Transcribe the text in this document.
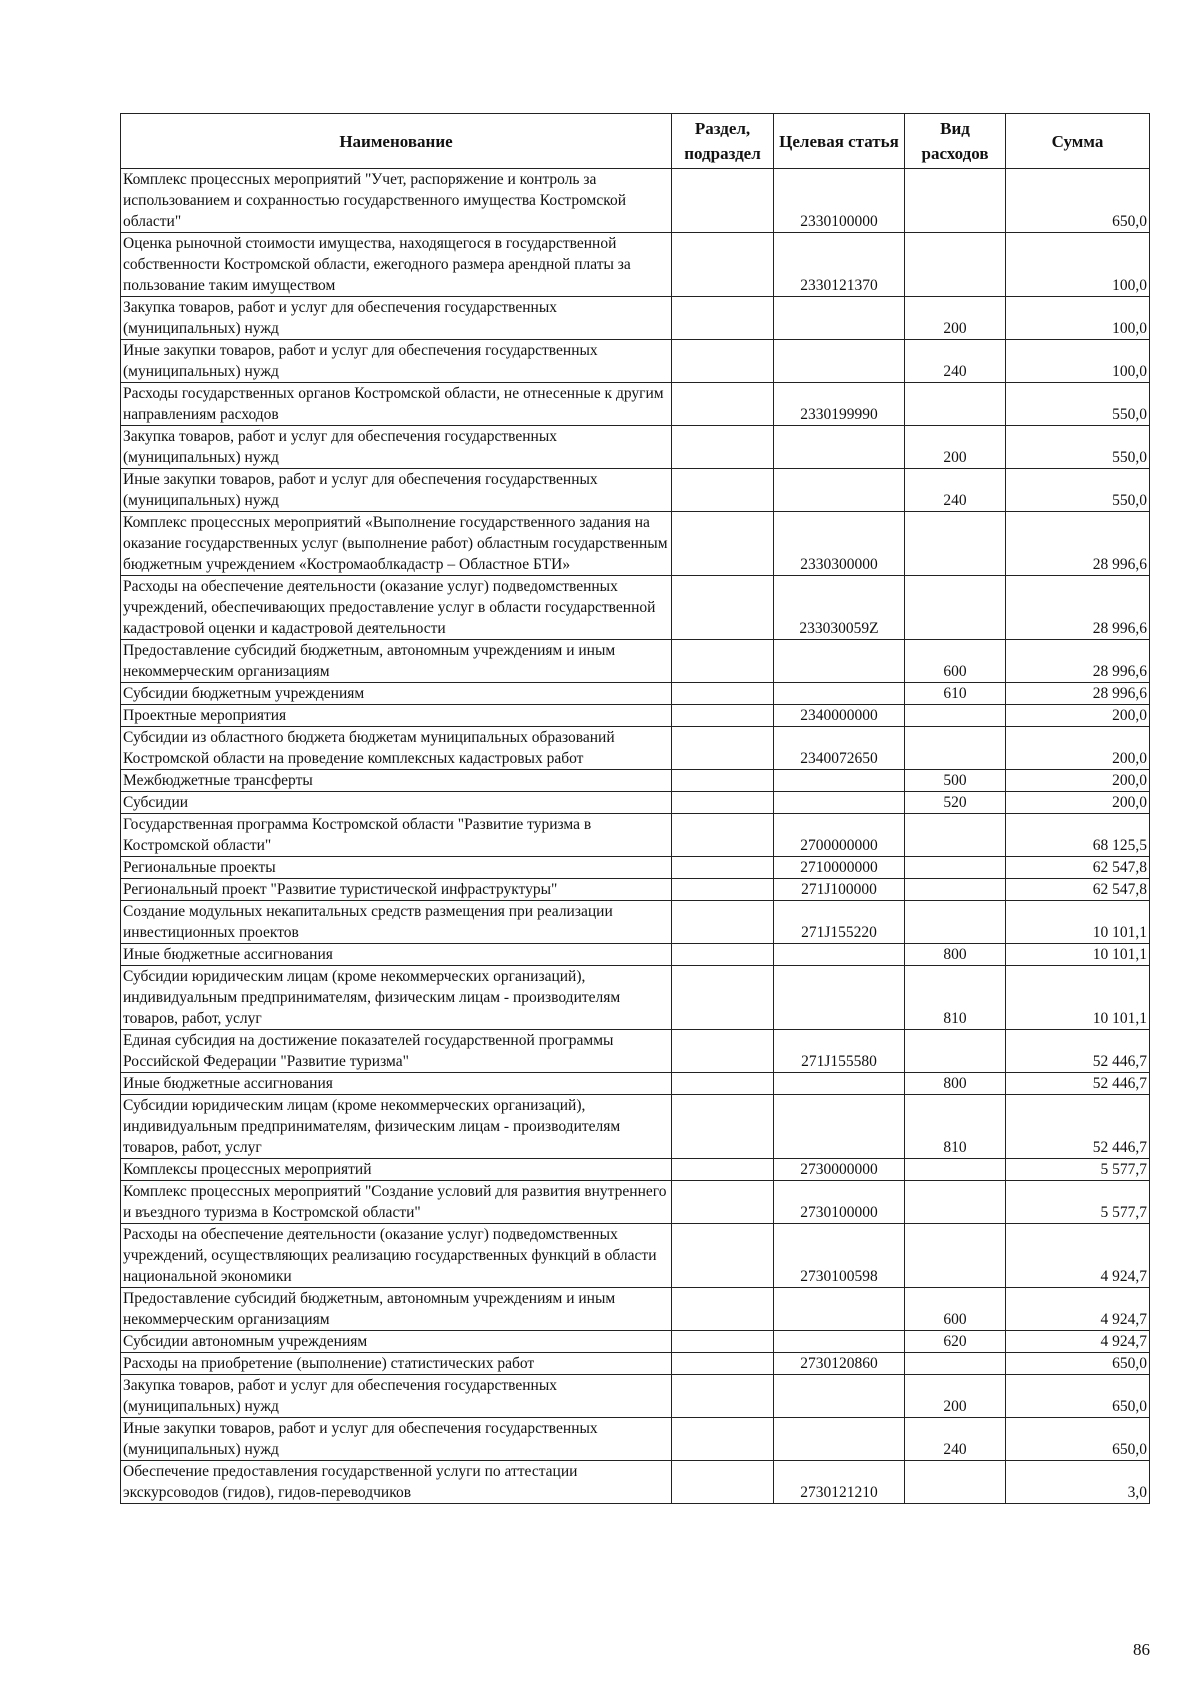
Наименование	Раздел, подраздел	Целевая статья	Вид расходов	Сумма
Комплекс процессных мероприятий "Учет, распоряжение и контроль за использованием и сохранностью государственного имущества Костромской области"		2330100000		650,0
Оценка рыночной стоимости имущества, находящегося в государственной собственности Костромской области, ежегодного размера арендной платы за пользование таким имуществом		2330121370		100,0
Закупка товаров, работ и услуг для обеспечения государственных (муниципальных) нужд			200	100,0
Иные закупки товаров, работ и услуг для обеспечения государственных (муниципальных) нужд			240	100,0
Расходы государственных органов Костромской области, не отнесенные к другим направлениям расходов		2330199990		550,0
Закупка товаров, работ и услуг для обеспечения государственных (муниципальных) нужд			200	550,0
Иные закупки товаров, работ и услуг для обеспечения государственных (муниципальных) нужд			240	550,0
Комплекс процессных мероприятий «Выполнение государственного задания на оказание государственных услуг (выполнение работ) областным государственным бюджетным учреждением «Костромаоблкадастр – Областное БТИ»		2330300000		28 996,6
Расходы на обеспечение деятельности (оказание услуг) подведомственных учреждений, обеспечивающих предоставление услуг в области государственной кадастровой оценки и кадастровой деятельности		233030059Z		28 996,6
Предоставление субсидий бюджетным, автономным учреждениям и иным некоммерческим организациям			600	28 996,6
Субсидии бюджетным учреждениям			610	28 996,6
Проектные мероприятия		2340000000		200,0
Субсидии из областного бюджета бюджетам муниципальных образований Костромской области на проведение комплексных кадастровых работ		2340072650		200,0
Межбюджетные трансферты			500	200,0
Субсидии			520	200,0
Государственная программа Костромской области "Развитие туризма в Костромской области"		2700000000		68 125,5
Региональные проекты		2710000000		62 547,8
Региональный проект "Развитие туристической инфраструктуры"		271J100000		62 547,8
Создание модульных некапитальных средств размещения при реализации инвестиционных проектов		271J155220		10 101,1
Иные бюджетные ассигнования			800	10 101,1
Субсидии юридическим лицам (кроме некоммерческих организаций), индивидуальным предпринимателям, физическим лицам - производителям товаров, работ, услуг			810	10 101,1
Единая субсидия на достижение показателей государственной программы Российской Федерации "Развитие туризма"		271J155580		52 446,7
Иные бюджетные ассигнования			800	52 446,7
Субсидии юридическим лицам (кроме некоммерческих организаций), индивидуальным предпринимателям, физическим лицам - производителям товаров, работ, услуг			810	52 446,7
Комплексы процессных мероприятий		2730000000		5 577,7
Комплекс процессных мероприятий "Создание условий для развития внутреннего и въездного туризма в Костромской области"		2730100000		5 577,7
Расходы на обеспечение деятельности (оказание услуг) подведомственных учреждений, осуществляющих реализацию государственных функций в области национальной экономики		2730100598		4 924,7
Предоставление субсидий бюджетным, автономным учреждениям и иным некоммерческим организациям			600	4 924,7
Субсидии автономным учреждениям			620	4 924,7
Расходы на приобретение (выполнение) статистических работ		2730120860		650,0
Закупка товаров, работ и услуг для обеспечения государственных (муниципальных) нужд			200	650,0
Иные закупки товаров, работ и услуг для обеспечения государственных (муниципальных) нужд			240	650,0
Обеспечение предоставления государственной услуги по аттестации экскурсоводов (гидов), гидов-переводчиков		2730121210		3,0
86
